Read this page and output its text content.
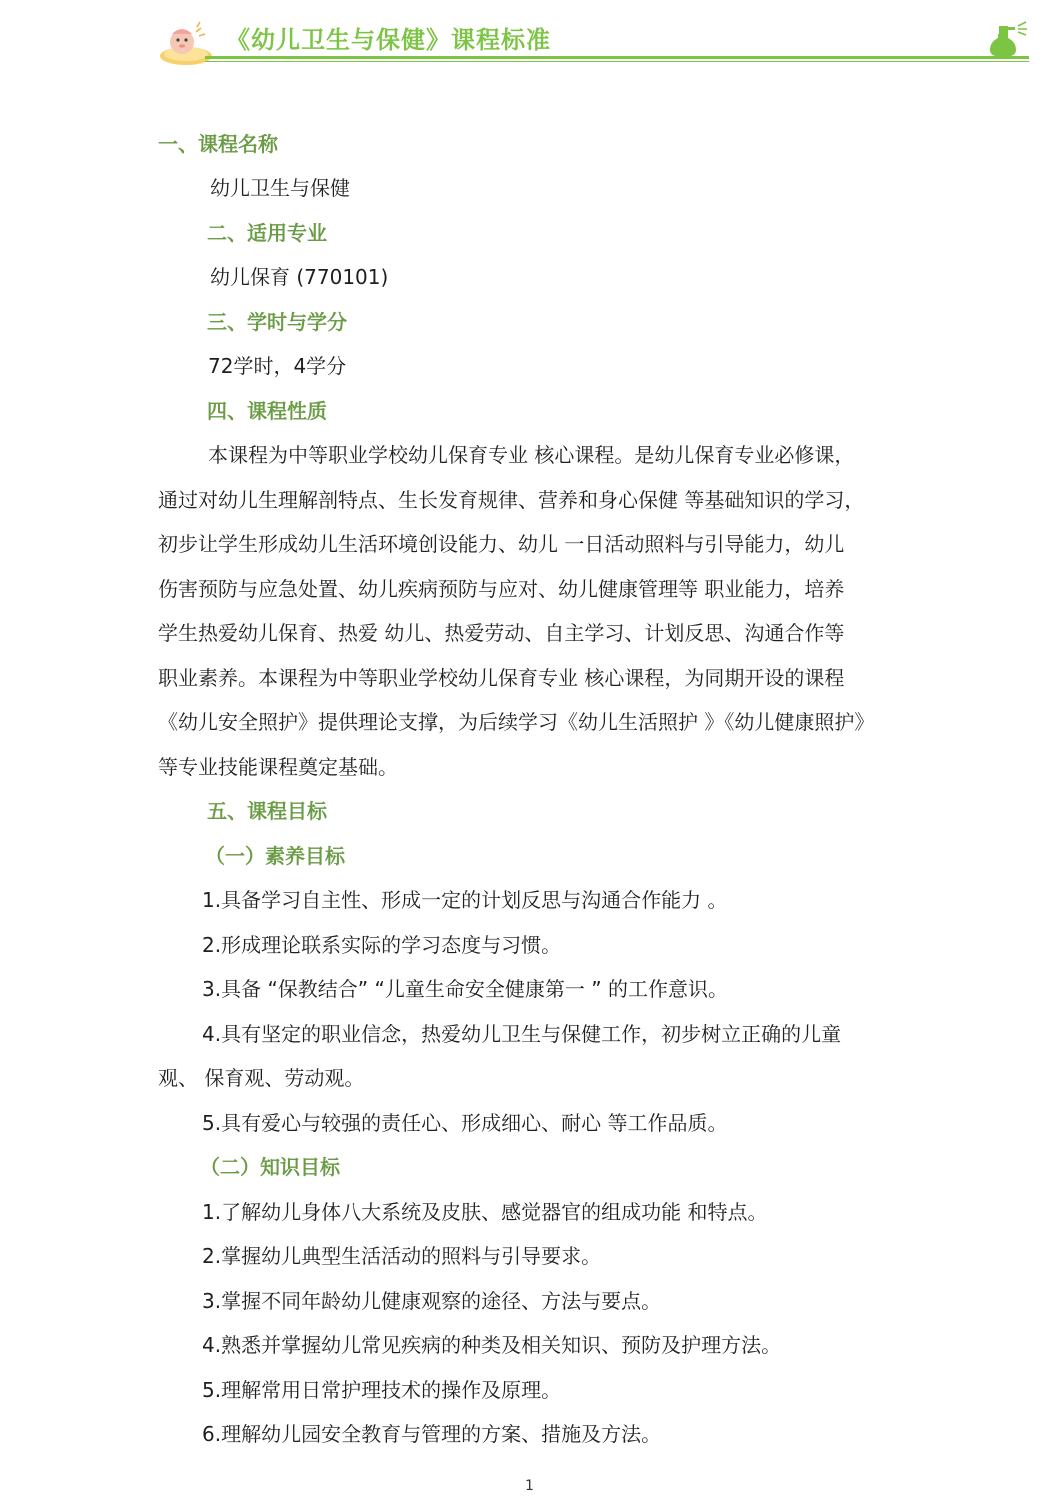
《幼儿卫生与保健》课程标准
一、课程名称
幼儿卫生与保健
二、适用专业
幼儿保育 (770101)
三、学时与学分
72学时，4学分
四、课程性质
本课程为中等职业学校幼儿保育专业 核心课程。是幼儿保育专业必修课，
通过对幼儿生理解剖特点、生长发育规律、营养和身心保健 等基础知识的学习，
初步让学生形成幼儿生活环境创设能力、幼儿 一日活动照料与引导能力，幼儿
伤害预防与应急处置、幼儿疾病预防与应对、幼儿健康管理等 职业能力，培养
学生热爱幼儿保育、热爱 幼儿、热爱劳动、自主学习、计划反思、沟通合作等
职业素养。本课程为中等职业学校幼儿保育专业 核心课程，为同期开设的课程
《幼儿安全照护》提供理论支撑，为后续学习《幼儿生活照护 》《幼儿健康照护》
等专业技能课程奠定基础。
五、课程目标
（一）素养目标
1.具备学习自主性、形成一定的计划反思与沟通合作能力 。
2.形成理论联系实际的学习态度与习惯。
3.具备 “保教结合” “儿童生命安全健康第一 ” 的工作意识。
4.具有坚定的职业信念，热爱幼儿卫生与保健工作，初步树立正确的儿童
观、 保育观、劳动观。
5.具有爱心与较强的责任心、形成细心、耐心 等工作品质。
（二）知识目标
1.了解幼儿身体八大系统及皮肤、感觉器官的组成功能 和特点。
2.掌握幼儿典型生活活动的照料与引导要求。
3.掌握不同年龄幼儿健康观察的途径、方法与要点。
4.熟悉并掌握幼儿常见疾病的种类及相关知识、预防及护理方法。
5.理解常用日常护理技术的操作及原理。
6.理解幼儿园安全教育与管理的方案、措施及方法。
1
